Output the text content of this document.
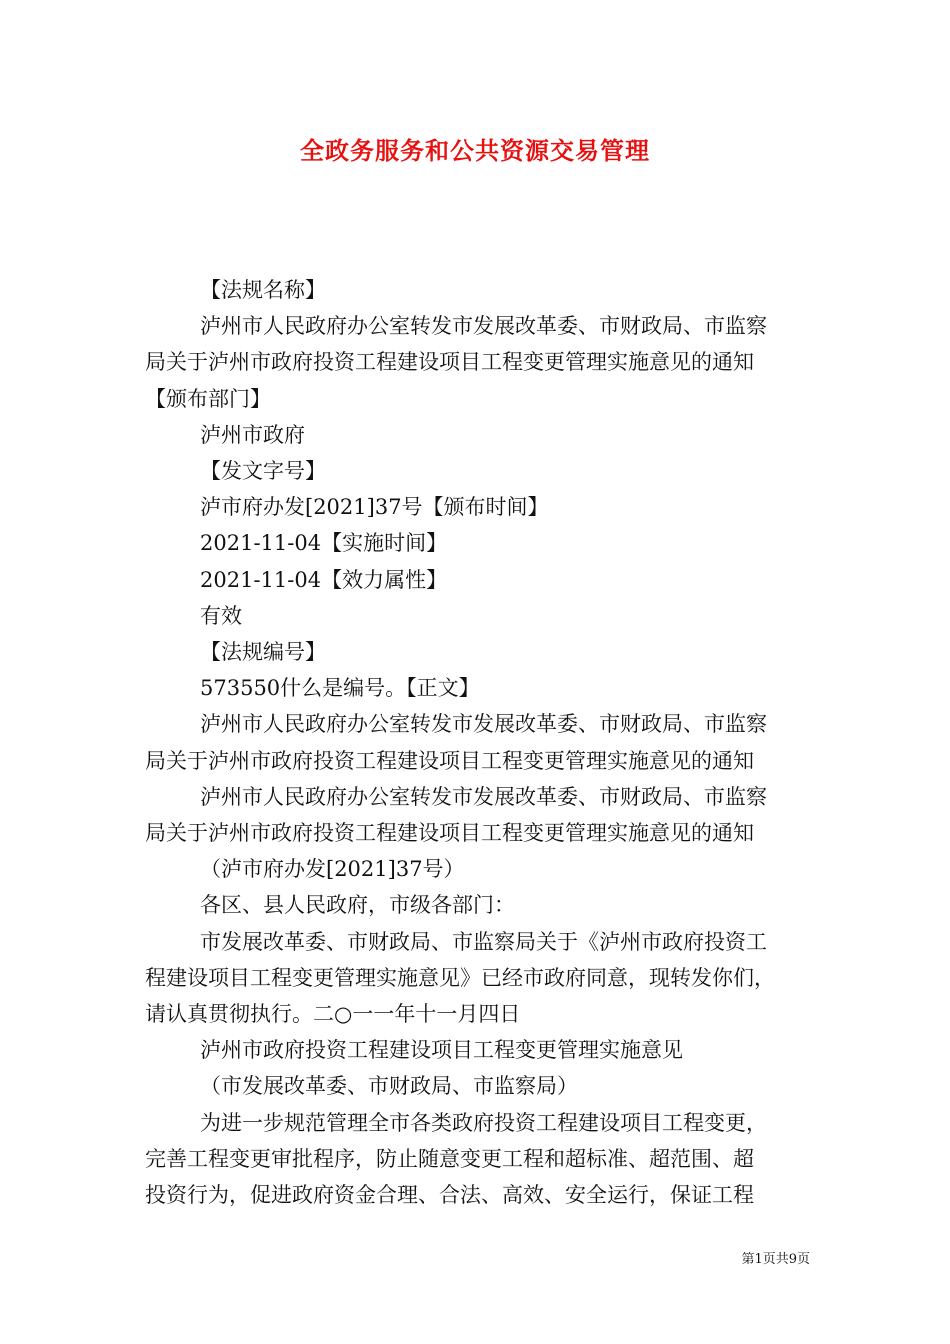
全政务服务和公共资源交易管理

【法规名称】

泸州市人民政府办公室转发市发展改革委、市财政局、市监察

局关于泸州市政府投资工程建设项目工程变更管理实施意见的通知

【颁布部门】

泸州市政府

【发文字号】

泸市府办发[2021]37号【颁布时间】

2021-11-04【实施时间】

2021-11-04【效力属性】

有效

【法规编号】

573550什么是编号。【正文】

泸州市人民政府办公室转发市发展改革委、市财政局、市监察

局关于泸州市政府投资工程建设项目工程变更管理实施意见的通知

泸州市人民政府办公室转发市发展改革委、市财政局、市监察

局关于泸州市政府投资工程建设项目工程变更管理实施意见的通知

（泸市府办发[2021]37号）

各区、县人民政府，市级各部门：

市发展改革委、市财政局、市监察局关于《泸州市政府投资工

程建设项目工程变更管理实施意见》已经市政府同意，现转发你们，

请认真贯彻执行。二○一一年十一月四日

泸州市政府投资工程建设项目工程变更管理实施意见

（市发展改革委、市财政局、市监察局）

为进一步规范管理全市各类政府投资工程建设项目工程变更，

完善工程变更审批程序，防止随意变更工程和超标准、超范围、超

投资行为，促进政府资金合理、合法、高效、安全运行，保证工程

第1页共9页
